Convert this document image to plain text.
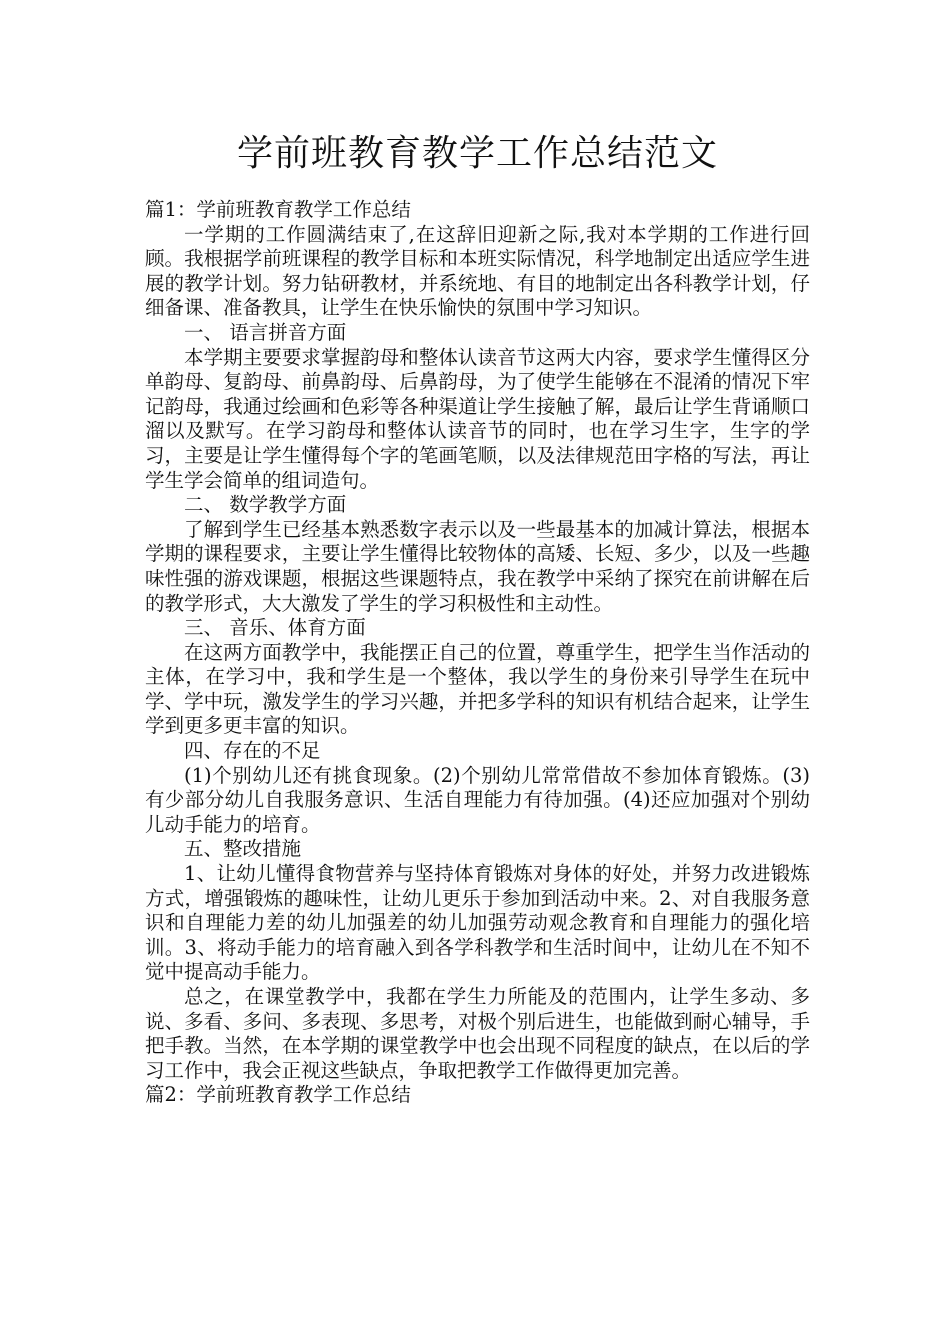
学前班教育教学工作总结范文

篇1：学前班教育教学工作总结

一学期的工作圆满结束了,在这辞旧迎新之际,我对本学期的工作进行回顾。我根据学前班课程的教学目标和本班实际情况，科学地制定出适应学生进展的教学计划。努力钻研教材，并系统地、有目的地制定出各科教学计划，仔细备课、准备教具，让学生在快乐愉快的氛围中学习知识。

一、 语言拼音方面

本学期主要要求掌握韵母和整体认读音节这两大内容，要求学生懂得区分单韵母、复韵母、前鼻韵母、后鼻韵母，为了使学生能够在不混淆的情况下牢记韵母，我通过绘画和色彩等各种渠道让学生接触了解，最后让学生背诵顺口溜以及默写。在学习韵母和整体认读音节的同时，也在学习生字，生字的学习，主要是让学生懂得每个字的笔画笔顺，以及法律规范田字格的写法，再让学生学会简单的组词造句。

二、 数学教学方面

了解到学生已经基本熟悉数字表示以及一些最基本的加减计算法，根据本学期的课程要求，主要让学生懂得比较物体的高矮、长短、多少，以及一些趣味性强的游戏课题，根据这些课题特点，我在教学中采纳了探究在前讲解在后的教学形式，大大激发了学生的学习积极性和主动性。

三、 音乐、体育方面

在这两方面教学中，我能摆正自己的位置，尊重学生，把学生当作活动的主体，在学习中，我和学生是一个整体，我以学生的身份来引导学生在玩中学、学中玩，激发学生的学习兴趣，并把多学科的知识有机结合起来，让学生学到更多更丰富的知识。

四、存在的不足

(1)个别幼儿还有挑食现象。(2)个别幼儿常常借故不参加体育锻炼。(3)有少部分幼儿自我服务意识、生活自理能力有待加强。(4)还应加强对个别幼儿动手能力的培育。

五、整改措施

1、让幼儿懂得食物营养与坚持体育锻炼对身体的好处，并努力改进锻炼方式，增强锻炼的趣味性，让幼儿更乐于参加到活动中来。2、对自我服务意识和自理能力差的幼儿加强差的幼儿加强劳动观念教育和自理能力的强化培训。3、将动手能力的培育融入到各学科教学和生活时间中，让幼儿在不知不觉中提高动手能力。

总之，在课堂教学中，我都在学生力所能及的范围内，让学生多动、多说、多看、多问、多表现、多思考，对极个别后进生，也能做到耐心辅导，手把手教。当然，在本学期的课堂教学中也会出现不同程度的缺点，在以后的学习工作中，我会正视这些缺点，争取把教学工作做得更加完善。

篇2：学前班教育教学工作总结
